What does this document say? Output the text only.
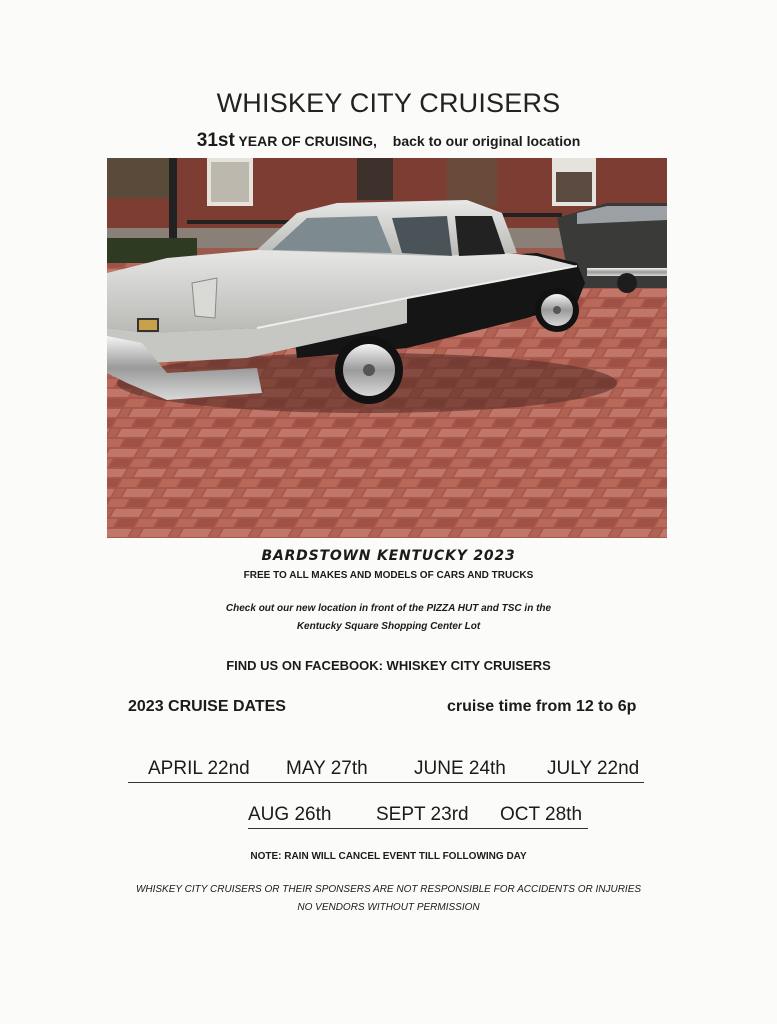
WHISKEY CITY CRUISERS
31st YEAR OF CRUISING, back to our original location
BARDSTOWN KENTUCKY 2023
FREE TO ALL MAKES AND MODELS OF CARS AND TRUCKS
Check out our new location in front of the PIZZA HUT and TSC in the
Kentucky Square Shopping Center Lot
FIND US ON FACEBOOK: WHISKEY CITY CRUISERS
2023 CRUISE DATES	cruise time from 12 to 6p
APRIL 22nd MAY 27th JUNE 24th JULY 22nd
AUG 26th SEPT 23rd OCT 28th
NOTE: RAIN WILL CANCEL EVENT TILL FOLLOWING DAY
WHISKEY CITY CRUISERS OR THEIR SPONSERS ARE NOT RESPONSIBLE FOR ACCIDENTS OR INJURIES
NO VENDORS WITHOUT PERMISSION
